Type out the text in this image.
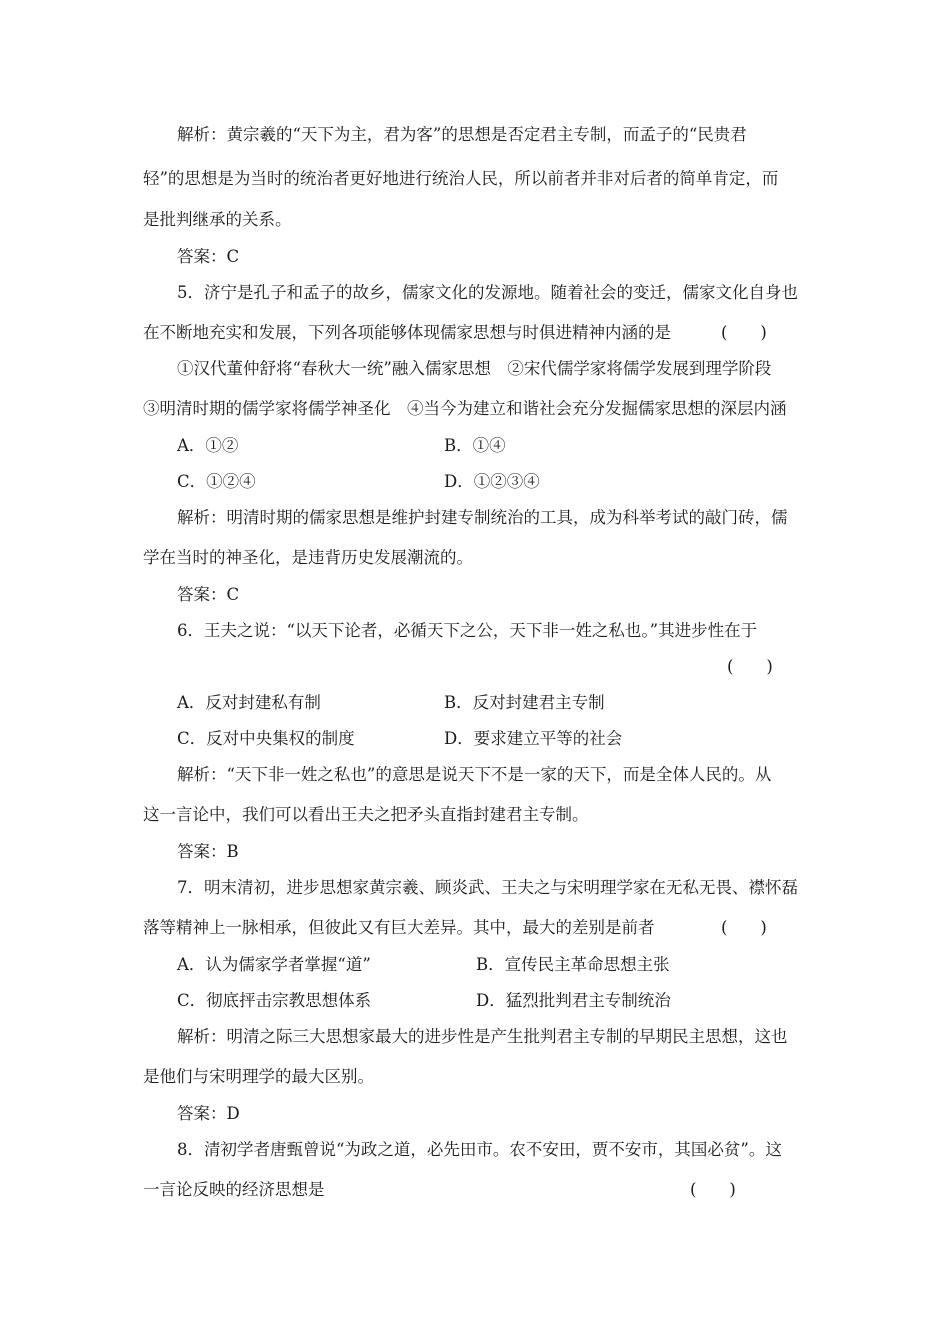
解析：黄宗羲的“天下为主，君为客”的思想是否定君主专制，而孟子的“民贵君
轻”的思想是为当时的统治者更好地进行统治人民，所以前者并非对后者的简单肯定，而
是批判继承的关系。
答案：C
5．济宁是孔子和孟子的故乡，儒家文化的发源地。随着社会的变迁，儒家文化自身也
在不断地充实和发展，下列各项能够体现儒家思想与时俱进精神内涵的是	(　　)
①汉代董仲舒将“春秋大一统”融入儒家思想　②宋代儒学家将儒学发展到理学阶段
③明清时期的儒学家将儒学神圣化　④当今为建立和谐社会充分发掘儒家思想的深层内涵
A．①②	B．①④
C．①②④	D．①②③④
解析：明清时期的儒家思想是维护封建专制统治的工具，成为科举考试的敲门砖，儒
学在当时的神圣化，是违背历史发展潮流的。
答案：C
6．王夫之说：“以天下论者，必循天下之公，天下非一姓之私也。”其进步性在于
(　　)
A．反对封建私有制	B．反对封建君主专制
C．反对中央集权的制度	D．要求建立平等的社会
解析：“天下非一姓之私也”的意思是说天下不是一家的天下，而是全体人民的。从
这一言论中，我们可以看出王夫之把矛头直指封建君主专制。
答案：B
7．明末清初，进步思想家黄宗羲、顾炎武、王夫之与宋明理学家在无私无畏、襟怀磊
落等精神上一脉相承，但彼此又有巨大差异。其中，最大的差别是前者	(　　)
A．认为儒家学者掌握“道”	B．宣传民主革命思想主张
C．彻底抨击宗教思想体系	D．猛烈批判君主专制统治
解析：明清之际三大思想家最大的进步性是产生批判君主专制的早期民主思想，这也
是他们与宋明理学的最大区别。
答案：D
8．清初学者唐甄曾说“为政之道，必先田市。农不安田，贾不安市，其国必贫”。这
一言论反映的经济思想是	(　　)
